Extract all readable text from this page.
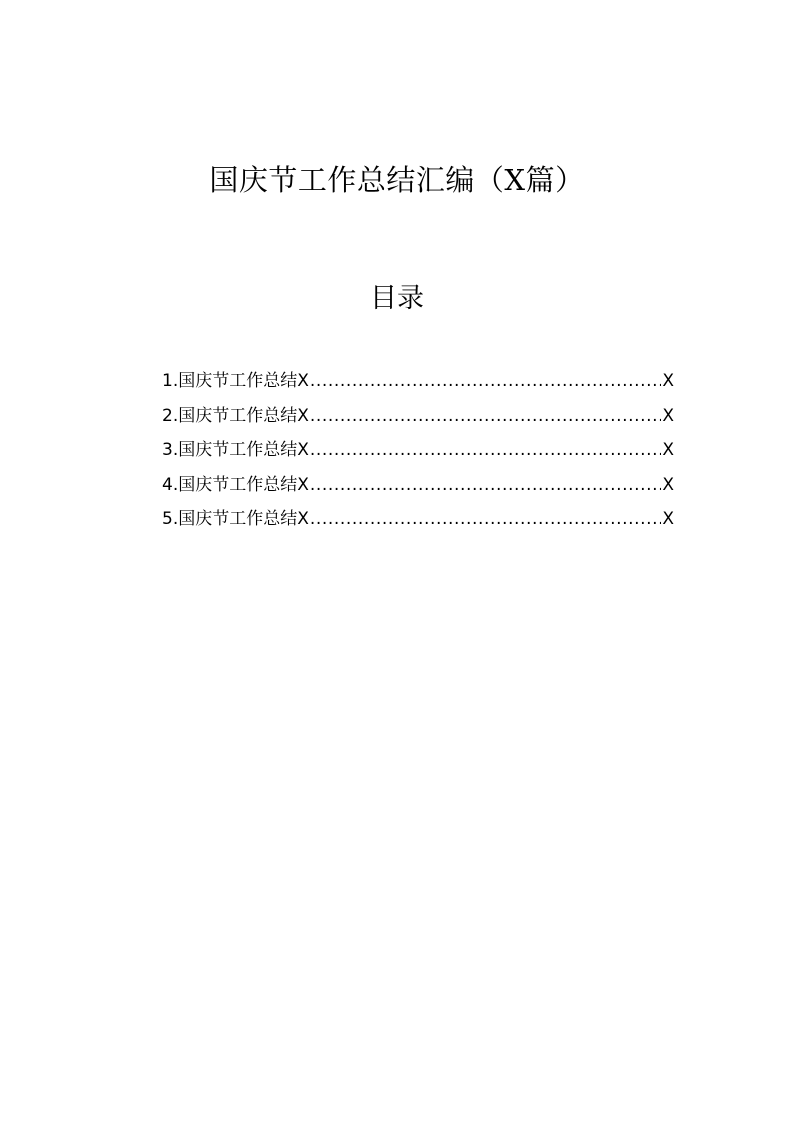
国庆节工作总结汇编（X篇）
目录
1.国庆节工作总结X .....	X
2.国庆节工作总结X .....	X
3.国庆节工作总结X .....	X
4.国庆节工作总结X .....	X
5.国庆节工作总结X .....	X
